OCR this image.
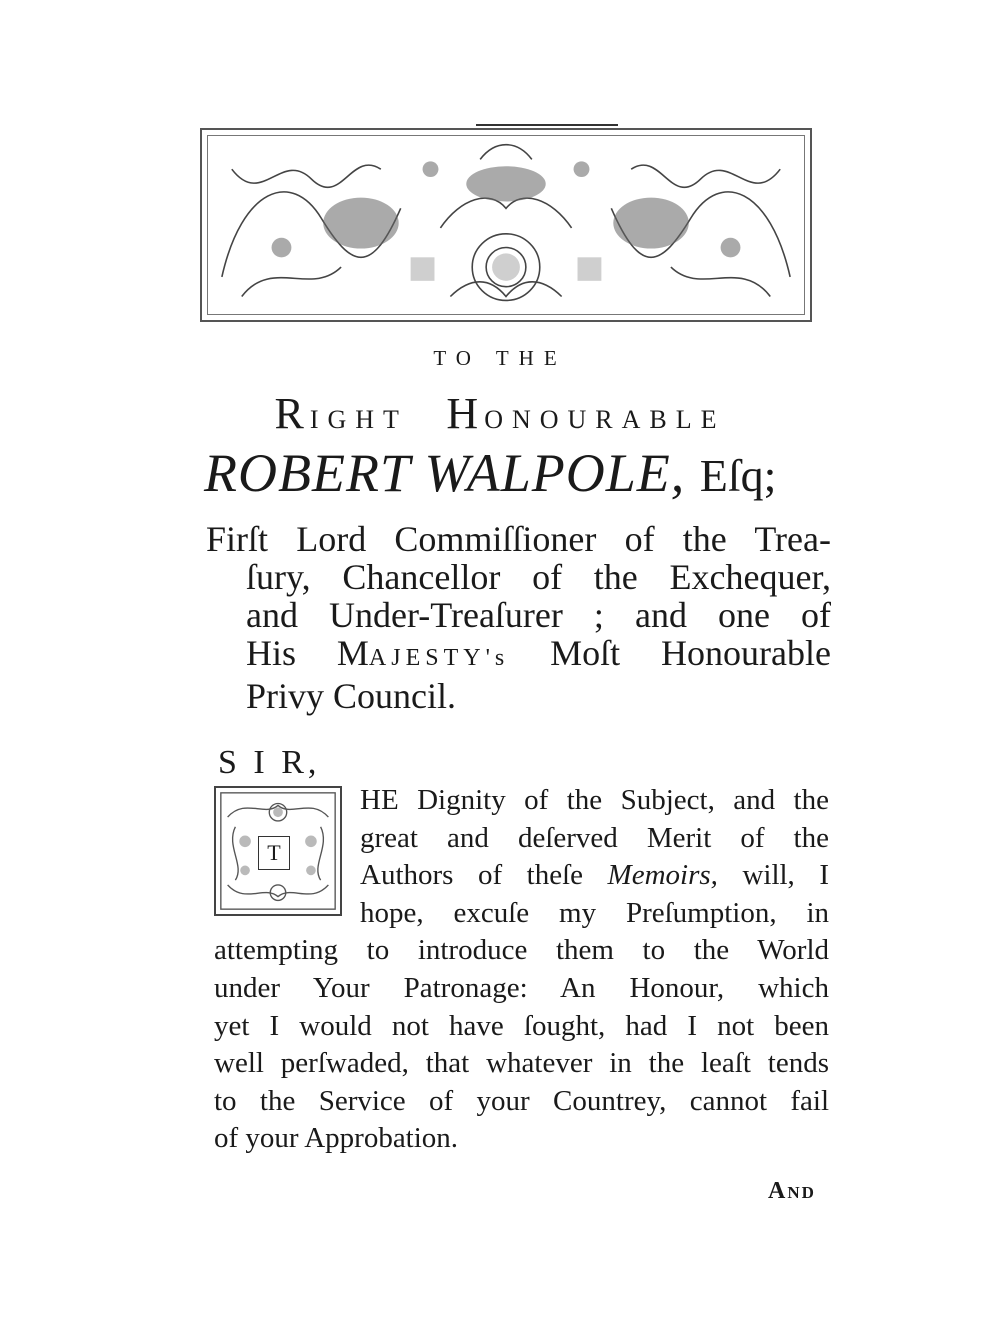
TO THE
RIGHT HONOURABLE
ROBERT WALPOLE, Eſq;
Firſt Lord Commiſſioner of the Trea-
ſury, Chancellor of the Exchequer,
and Under-Treaſurer ; and one of
His MAJESTY's Moſt Honourable
Privy Council.
S I R,
T
HE Dignity of the Subject, and the
great and deſerved Merit of the
Authors of theſe Memoirs, will, I
hope, excuſe my Preſumption, in
attempting to introduce them to the World
under Your Patronage: An Honour, which
yet I would not have ſought, had I not been
well perſwaded, that whatever in the leaſt tends
to the Service of your Countrey, cannot fail
of your Approbation.
AND
